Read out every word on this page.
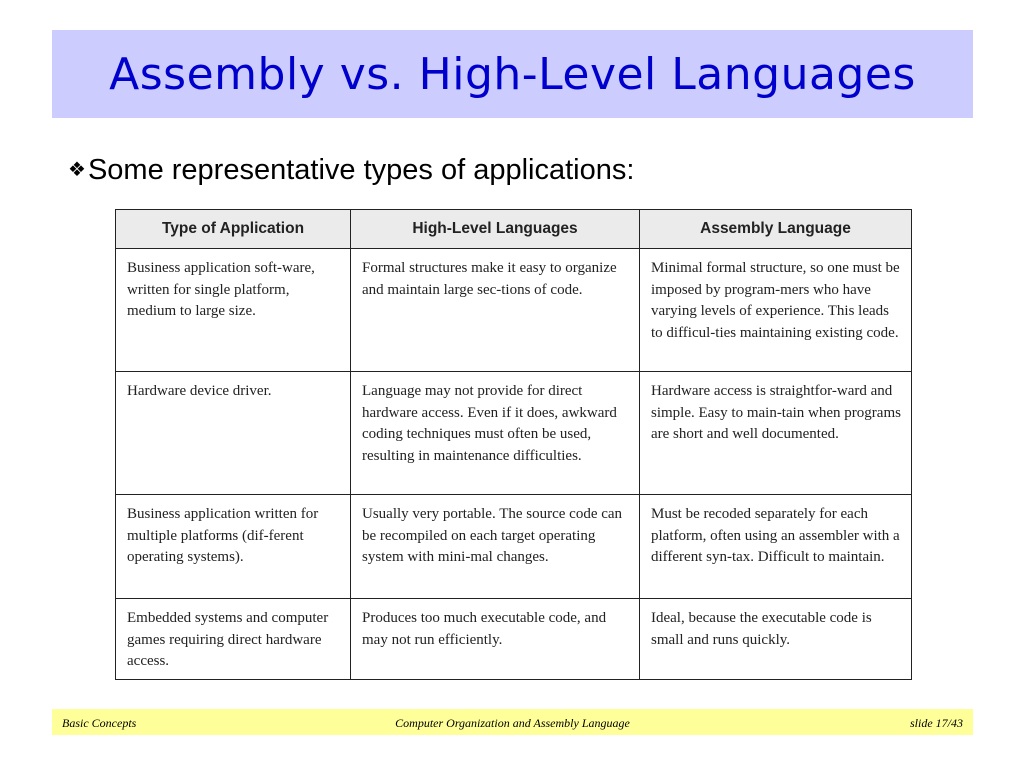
Assembly vs. High-Level Languages
❖ Some representative types of applications:
Type of Application	High-Level Languages	Assembly Language
Business application soft-ware, written for single platform, medium to large size.	Formal structures make it easy to organize and maintain large sec-tions of code.	Minimal formal structure, so one must be imposed by program-mers who have varying levels of experience. This leads to difficul-ties maintaining existing code.
Hardware device driver.	Language may not provide for direct hardware access. Even if it does, awkward coding techniques must often be used, resulting in maintenance difficulties.	Hardware access is straightfor-ward and simple. Easy to main-tain when programs are short and well documented.
Business application written for multiple platforms (dif-ferent operating systems).	Usually very portable. The source code can be recompiled on each target operating system with mini-mal changes.	Must be recoded separately for each platform, often using an assembler with a different syn-tax. Difficult to maintain.
Embedded systems and computer games requiring direct hardware access.	Produces too much executable code, and may not run efficiently.	Ideal, because the executable code is small and runs quickly.
Computer Organization and Assembly Language
Basic Concepts	slide 17/43
